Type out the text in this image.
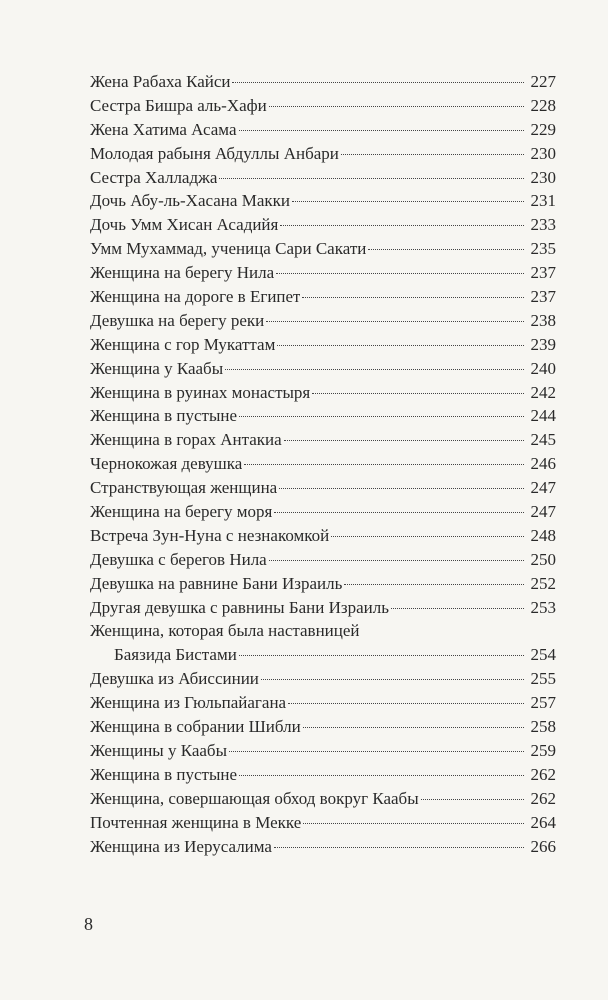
Жена Рабаха Кайси	227
Сестра Бишра аль-Хафи	228
Жена Хатима Асама	229
Молодая рабыня Абдуллы Анбари	230
Сестра Халладжа	230
Дочь Абу-ль-Хасана Макки	231
Дочь Умм Хисан Асадийя	233
Умм Мухаммад, ученица Сари Сакати	235
Женщина на берегу Нила	237
Женщина на дороге в Египет	237
Девушка на берегу реки	238
Женщина с гор Мукаттам	239
Женщина у Каабы	240
Женщина в руинах монастыря	242
Женщина в пустыне	244
Женщина в горах Антакиа	245
Чернокожая девушка	246
Странствующая женщина	247
Женщина на берегу моря	247
Встреча Зун-Нуна с незнакомкой	248
Девушка с берегов Нила	250
Девушка на равнине Бани Израиль	252
Другая девушка с равнины Бани Израиль	253
Женщина, которая была наставницей
Баязида Бистами	254
Девушка из Абиссинии	255
Женщина из Гюльпайагана	257
Женщина в собрании Шибли	258
Женщины у Каабы	259
Женщина в пустыне	262
Женщина, совершающая обход вокруг Каабы	262
Почтенная женщина в Мекке	264
Женщина из Иерусалима	266
8
